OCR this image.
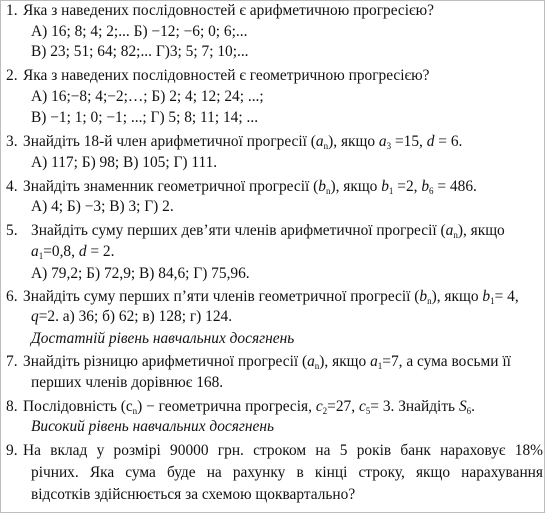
1. Яка з наведених послідовностей є арифметичною прогресією?
А) 16; 8; 4; 2;... Б) −12; −6; 0; 6;...
В) 23; 51; 64; 82;... Г)3; 5; 7; 10;...
2. Яка з наведених послідовностей є геометричною прогресією?
А) 16;−8; 4;−2;…; Б) 2; 4; 12; 24; ...;
В) −1; 1; 0; −1; ...; Г) 5; 8; 11; 14; ...
3. Знайдіть 18-й член арифметичної прогресії $(a_n)$, якщо $a_3 =15$, d = 6.
А) 117; Б) 98; В) 105; Г) 111.
4. Знайдіть знаменник геометричної прогресії $(b_n)$, якщо $b_1 =2$, $b_6 = 486$.
А) 4; Б) −3; В) 3; Г) 2.
5. Знайдіть суму перших дев’яти членів арифметичної прогресії $(a_n)$, якщо
$a_1=0,8$, d = 2.
А) 79,2; Б) 72,9; В) 84,6; Г) 75,96.
6. Знайдіть суму перших п’яти членів геометричної прогресії $(b_n)$, якщо $b_1= 4$,
q=2. а) 36; б) 62; в) 128; г) 124.
Достатній рівень навчальних досягнень
7. Знайдіть різницю арифметичної прогресії $(a_n)$, якщо $a_1=7$, а сума восьми її
перших членів дорівнює 168.
8. Послідовність $(c_n)$ − геометрична прогресія, $c_2=27$, $c_5= 3$. Знайдіть $S_6$.
Високий рівень навчальних досягнень
9. На вклад у розмірі 90000 грн. строком на 5 років банк нараховує 18%
річних. Яка сума буде на рахунку в кінці строку, якщо нарахування
відсотків здійснюється за схемою щоквартально?
